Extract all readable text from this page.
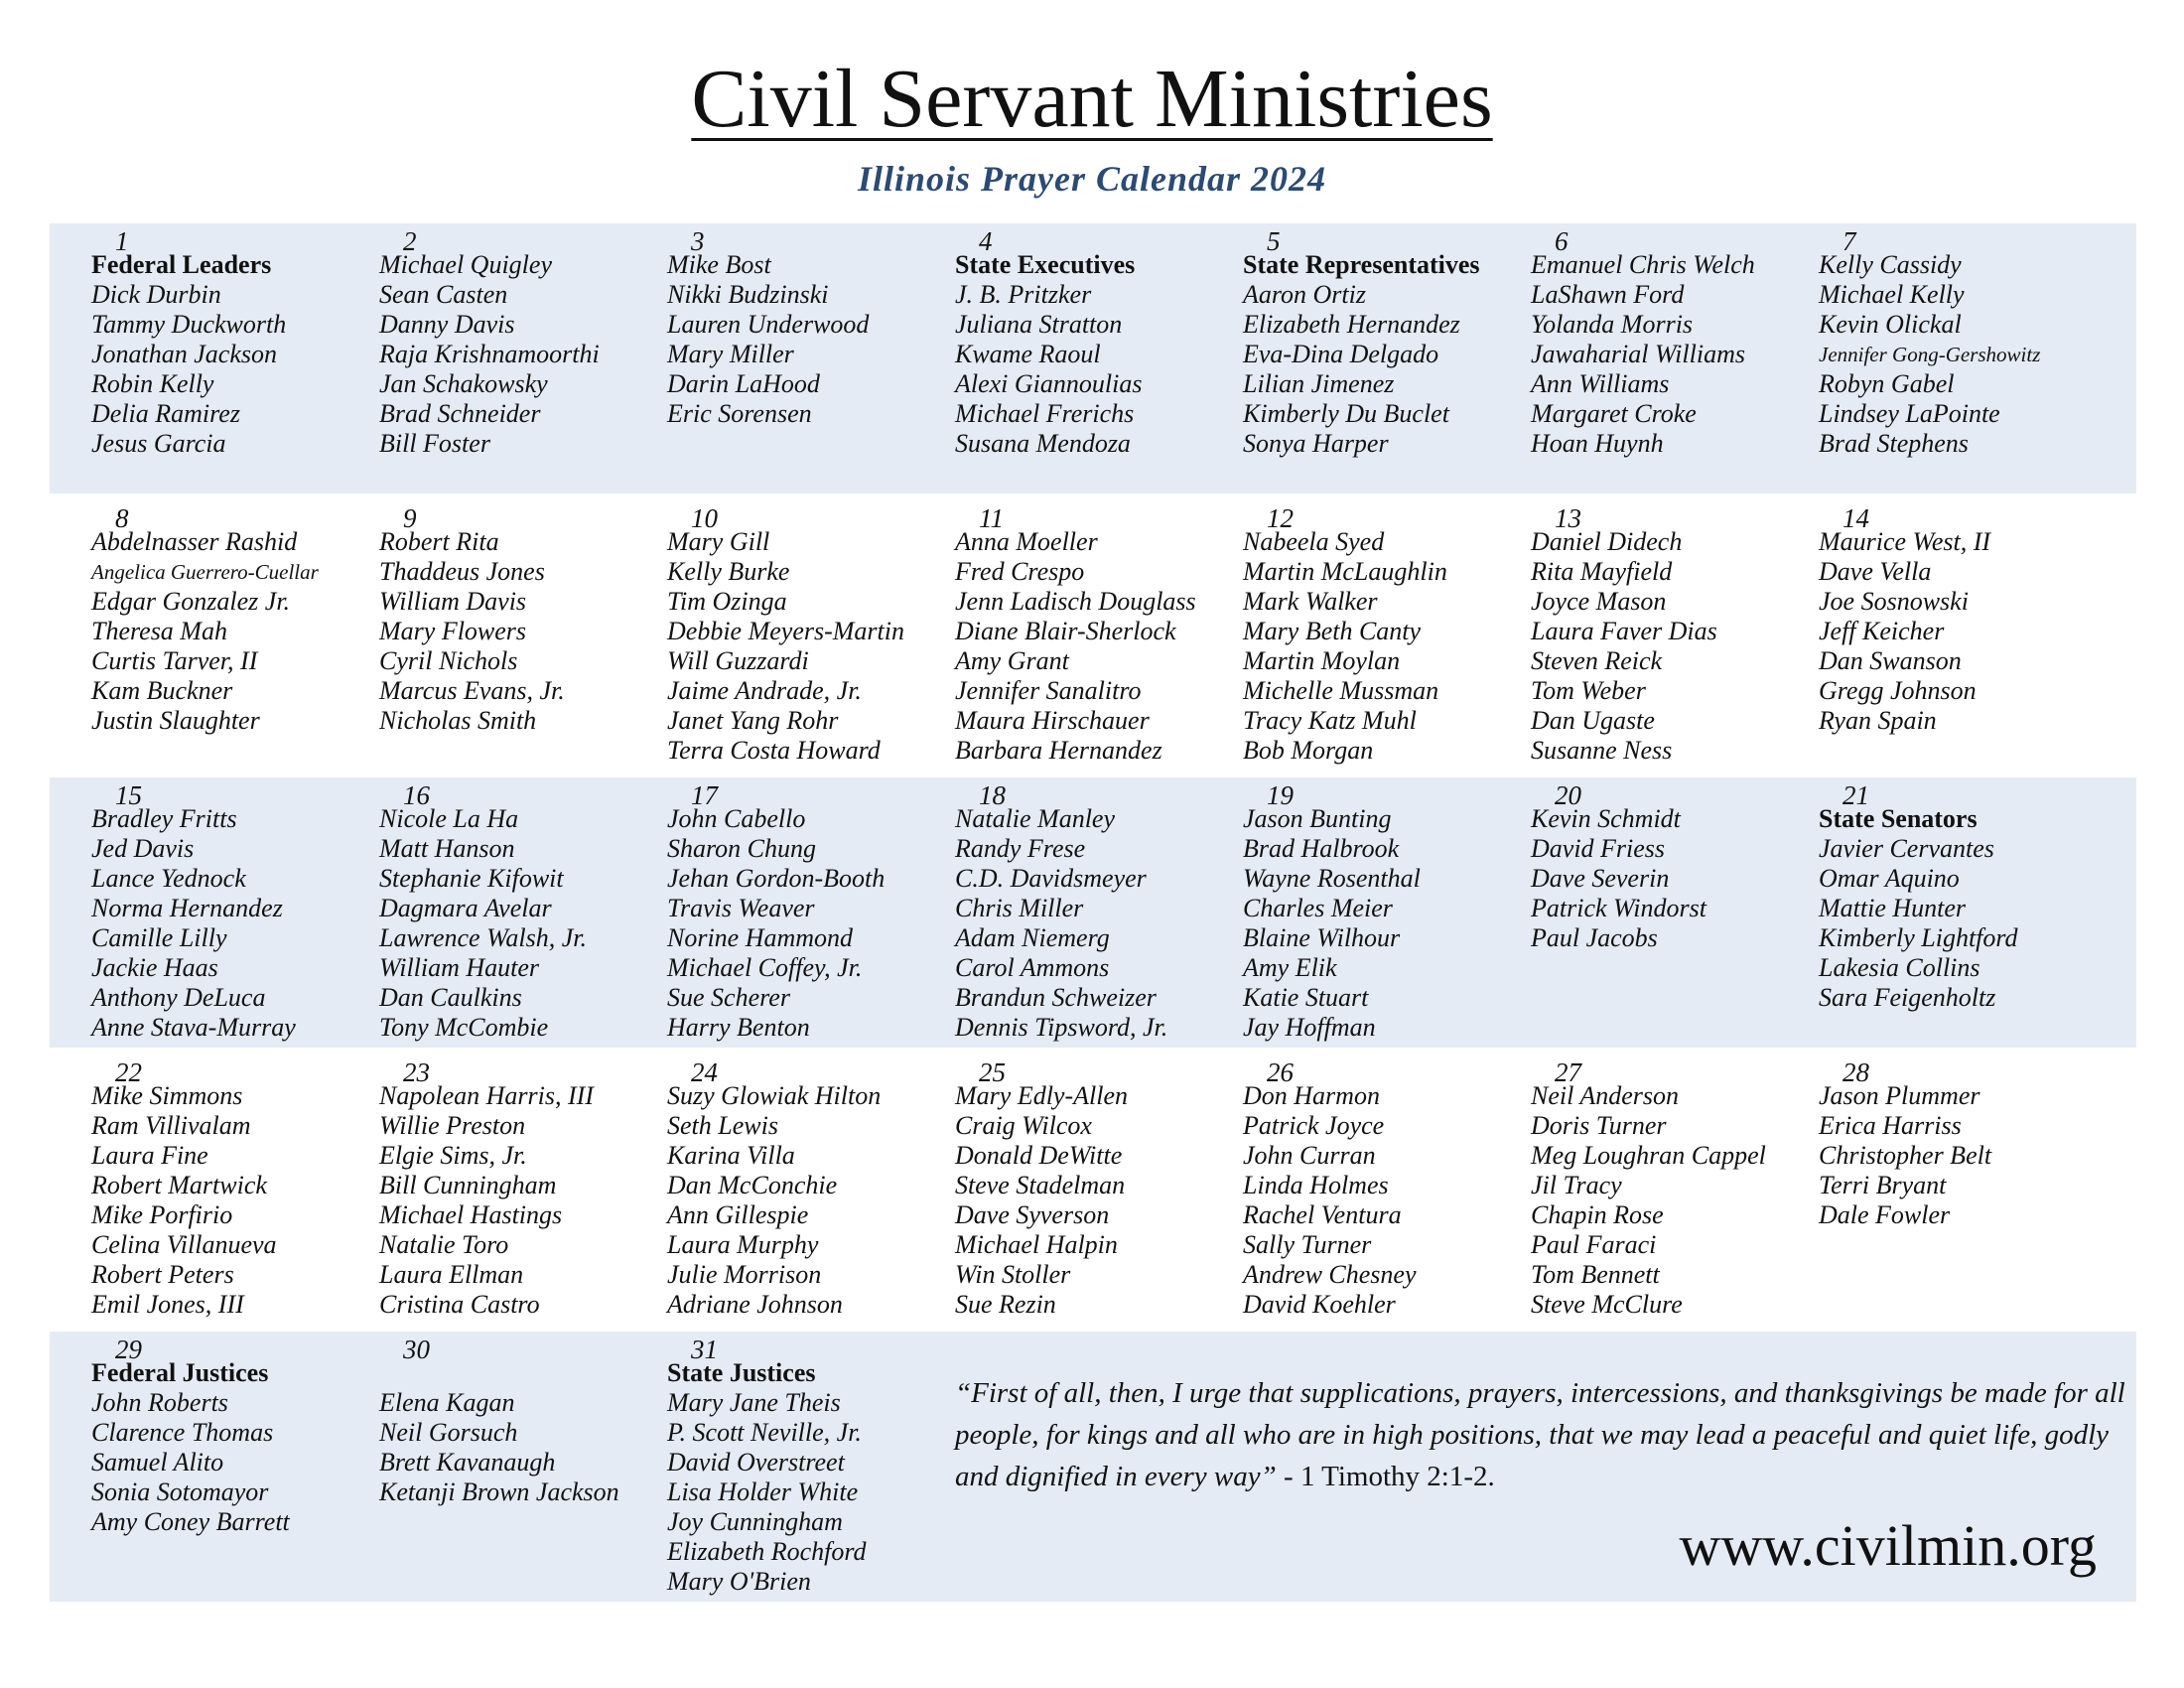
Civil Servant Ministries
Illinois Prayer Calendar 2024
1
Federal Leaders
Dick Durbin
Tammy Duckworth
Jonathan Jackson
Robin Kelly
Delia Ramirez
Jesus Garcia
2
Michael Quigley
Sean Casten
Danny Davis
Raja Krishnamoorthi
Jan Schakowsky
Brad Schneider
Bill Foster
3
Mike Bost
Nikki Budzinski
Lauren Underwood
Mary Miller
Darin LaHood
Eric Sorensen
4
State Executives
J. B. Pritzker
Juliana Stratton
Kwame Raoul
Alexi Giannoulias
Michael Frerichs
Susana Mendoza
5
State Representatives
Aaron Ortiz
Elizabeth Hernandez
Eva-Dina Delgado
Lilian Jimenez
Kimberly Du Buclet
Sonya Harper
6
Emanuel Chris Welch
LaShawn Ford
Yolanda Morris
Jawaharial Williams
Ann Williams
Margaret Croke
Hoan Huynh
7
Kelly Cassidy
Michael Kelly
Kevin Olickal
Jennifer Gong-Gershowitz
Robyn Gabel
Lindsey LaPointe
Brad Stephens
8
Abdelnasser Rashid
Angelica Guerrero-Cuellar
Edgar Gonzalez Jr.
Theresa Mah
Curtis Tarver, II
Kam Buckner
Justin Slaughter
9
Robert Rita
Thaddeus Jones
William Davis
Mary Flowers
Cyril Nichols
Marcus Evans, Jr.
Nicholas Smith
10
Mary Gill
Kelly Burke
Tim Ozinga
Debbie Meyers-Martin
Will Guzzardi
Jaime Andrade, Jr.
Janet Yang Rohr
Terra Costa Howard
11
Anna Moeller
Fred Crespo
Jenn Ladisch Douglass
Diane Blair-Sherlock
Amy Grant
Jennifer Sanalitro
Maura Hirschauer
Barbara Hernandez
12
Nabeela Syed
Martin McLaughlin
Mark Walker
Mary Beth Canty
Martin Moylan
Michelle Mussman
Tracy Katz Muhl
Bob Morgan
13
Daniel Didech
Rita Mayfield
Joyce Mason
Laura Faver Dias
Steven Reick
Tom Weber
Dan Ugaste
Susanne Ness
14
Maurice West, II
Dave Vella
Joe Sosnowski
Jeff Keicher
Dan Swanson
Gregg Johnson
Ryan Spain
15
Bradley Fritts
Jed Davis
Lance Yednock
Norma Hernandez
Camille Lilly
Jackie Haas
Anthony DeLuca
Anne Stava-Murray
16
Nicole La Ha
Matt Hanson
Stephanie Kifowit
Dagmara Avelar
Lawrence Walsh, Jr.
William Hauter
Dan Caulkins
Tony McCombie
17
John Cabello
Sharon Chung
Jehan Gordon-Booth
Travis Weaver
Norine Hammond
Michael Coffey, Jr.
Sue Scherer
Harry Benton
18
Natalie Manley
Randy Frese
C.D. Davidsmeyer
Chris Miller
Adam Niemerg
Carol Ammons
Brandun Schweizer
Dennis Tipsword, Jr.
19
Jason Bunting
Brad Halbrook
Wayne Rosenthal
Charles Meier
Blaine Wilhour
Amy Elik
Katie Stuart
Jay Hoffman
20
Kevin Schmidt
David Friess
Dave Severin
Patrick Windorst
Paul Jacobs
21
State Senators
Javier Cervantes
Omar Aquino
Mattie Hunter
Kimberly Lightford
Lakesia Collins
Sara Feigenholtz
22
Mike Simmons
Ram Villivalam
Laura Fine
Robert Martwick
Mike Porfirio
Celina Villanueva
Robert Peters
Emil Jones, III
23
Napolean Harris, III
Willie Preston
Elgie Sims, Jr.
Bill Cunningham
Michael Hastings
Natalie Toro
Laura Ellman
Cristina Castro
24
Suzy Glowiak Hilton
Seth Lewis
Karina Villa
Dan McConchie
Ann Gillespie
Laura Murphy
Julie Morrison
Adriane Johnson
25
Mary Edly-Allen
Craig Wilcox
Donald DeWitte
Steve Stadelman
Dave Syverson
Michael Halpin
Win Stoller
Sue Rezin
26
Don Harmon
Patrick Joyce
John Curran
Linda Holmes
Rachel Ventura
Sally Turner
Andrew Chesney
David Koehler
27
Neil Anderson
Doris Turner
Meg Loughran Cappel
Jil Tracy
Chapin Rose
Paul Faraci
Tom Bennett
Steve McClure
28
Jason Plummer
Erica Harriss
Christopher Belt
Terri Bryant
Dale Fowler
29
Federal Justices
John Roberts
Clarence Thomas
Samuel Alito
Sonia Sotomayor
Amy Coney Barrett
30
Elena Kagan
Neil Gorsuch
Brett Kavanaugh
Ketanji Brown Jackson
31
State Justices
Mary Jane Theis
P. Scott Neville, Jr.
David Overstreet
Lisa Holder White
Joy Cunningham
Elizabeth Rochford
Mary O'Brien
“First of all, then, I urge that supplications, prayers, intercessions, and thanksgivings be made for all people, for kings and all who are in high positions, that we may lead a peaceful and quiet life, godly and dignified in every way” - 1 Timothy 2:1-2.
www.civilmin.org
